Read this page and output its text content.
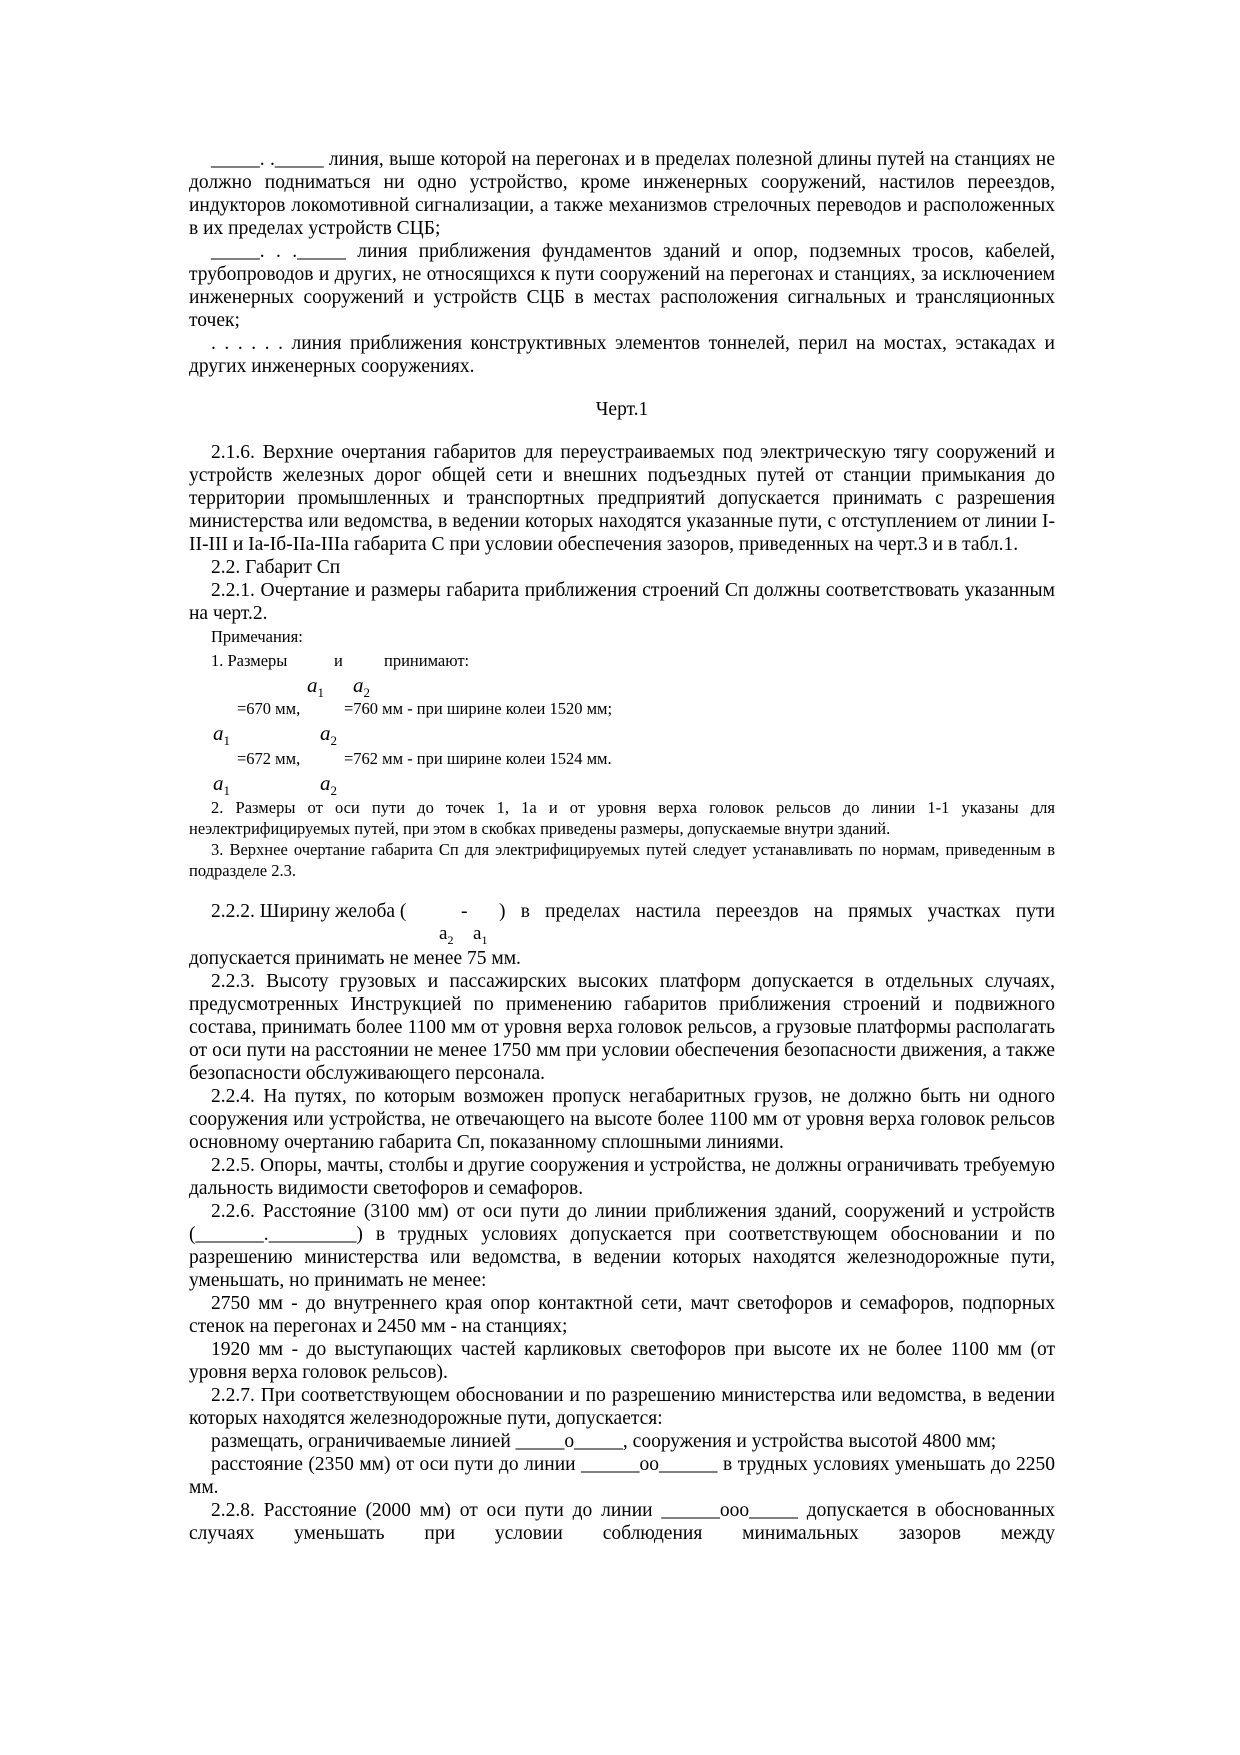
_____. ._____ линия, выше которой на перегонах и в пределах полезной длины путей на станциях не должно подниматься ни одно устройство, кроме инженерных сооружений, настилов переездов, индукторов локомотивной сигнализации, а также механизмов стрелочных переводов и расположенных в их пределах устройств СЦБ;

_____. . ._____ линия приближения фундаментов зданий и опор, подземных тросов, кабелей, трубопроводов и других, не относящихся к пути сооружений на перегонах и станциях, за исключением инженерных сооружений и устройств СЦБ в местах расположения сигнальных и трансляционных точек;

. . . . . . линия приближения конструктивных элементов тоннелей, перил на мостах, эстакадах и других инженерных сооружениях.

Черт.1

2.1.6. Верхние очертания габаритов для переустраиваемых под электрическую тягу сооружений и устройств железных дорог общей сети и внешних подъездных путей от станции примыкания до территории промышленных и транспортных предприятий допускается принимать с разрешения министерства или ведомства, в ведении которых находятся указанные пути, с отступлением от линии I-II-III и Ia-Iб-IIa-IIIa габарита С при условии обеспечения зазоров, приведенных на черт.3 и в табл.1.

2.2. Габарит Сп

2.2.1. Очертание и размеры габарита приближения строений Сп должны соответствовать указанным на черт.2.

Примечания:
1. Размеры	и принимают:
$a_1$ $a_2$
=670 мм,	=760 мм - при ширине колеи 1520 мм;
$a_1$	$a_2$
=672 мм,	=762 мм - при ширине колеи 1524 мм.
$a_1$	$a_2$

2. Размеры от оси пути до точек 1, 1а и от уровня верха головок рельсов до линии 1-1 указаны для неэлектрифицируемых путей, при этом в скобках приведены размеры, допускаемые внутри зданий.

3. Верхнее очертание габарита Сп для электрифицируемых путей следует устанавливать по нормам, приведенным в подразделе 2.3.

2.2.2. Ширину желоба (	- ) в пределах настила переездов на прямых участках пути
$a_2$ $a_1$

допускается принимать не менее 75 мм.

2.2.3. Высоту грузовых и пассажирских высоких платформ допускается в отдельных случаях, предусмотренных Инструкцией по применению габаритов приближения строений и подвижного состава, принимать более 1100 мм от уровня верха головок рельсов, а грузовые платформы располагать от оси пути на расстоянии не менее 1750 мм при условии обеспечения безопасности движения, а также безопасности обслуживающего персонала.

2.2.4. На путях, по которым возможен пропуск негабаритных грузов, не должно быть ни одного сооружения или устройства, не отвечающего на высоте более 1100 мм от уровня верха головок рельсов основному очертанию габарита Сп, показанному сплошными линиями.

2.2.5. Опоры, мачты, столбы и другие сооружения и устройства, не должны ограничивать требуемую дальность видимости светофоров и семафоров.

2.2.6. Расстояние (3100 мм) от оси пути до линии приближения зданий, сооружений и устройств (_______._________) в трудных условиях допускается при соответствующем обосновании и по разрешению министерства или ведомства, в ведении которых находятся железнодорожные пути, уменьшать, но принимать не менее:

2750 мм - до внутреннего края опор контактной сети, мачт светофоров и семафоров, подпорных стенок на перегонах и 2450 мм - на станциях;

1920 мм - до выступающих частей карликовых светофоров при высоте их не более 1100 мм (от уровня верха головок рельсов).

2.2.7. При соответствующем обосновании и по разрешению министерства или ведомства, в ведении которых находятся железнодорожные пути, допускается:

размещать, ограничиваемые линией _____о_____, сооружения и устройства высотой 4800 мм;

расстояние (2350 мм) от оси пути до линии ______оо______ в трудных условиях уменьшать до 2250 мм.

2.2.8. Расстояние (2000 мм) от оси пути до линии ______ооо_____ допускается в обоснованных случаях уменьшать при условии соблюдения минимальных зазоров между
